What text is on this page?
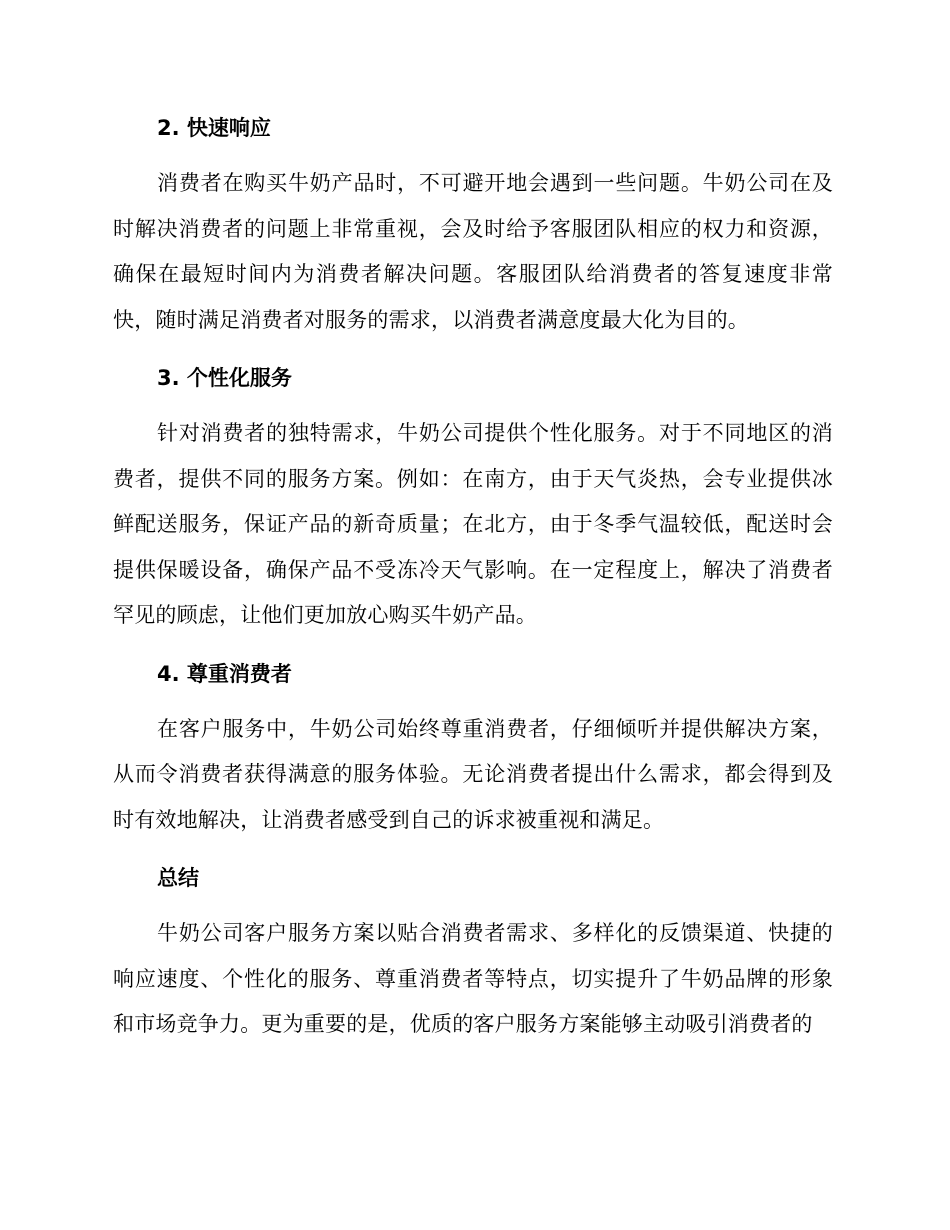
2. 快速响应

消费者在购买牛奶产品时，不可避开地会遇到一些问题。牛奶公司在及时解决消费者的问题上非常重视，会及时给予客服团队相应的权力和资源，确保在最短时间内为消费者解决问题。客服团队给消费者的答复速度非常快，随时满足消费者对服务的需求，以消费者满意度最大化为目的。

3. 个性化服务

针对消费者的独特需求，牛奶公司提供个性化服务。对于不同地区的消费者，提供不同的服务方案。例如：在南方，由于天气炎热，会专业提供冰鲜配送服务，保证产品的新奇质量；在北方，由于冬季气温较低，配送时会提供保暖设备，确保产品不受冻冷天气影响。在一定程度上，解决了消费者罕见的顾虑，让他们更加放心购买牛奶产品。

4. 尊重消费者

在客户服务中，牛奶公司始终尊重消费者，仔细倾听并提供解决方案，从而令消费者获得满意的服务体验。无论消费者提出什么需求，都会得到及时有效地解决，让消费者感受到自己的诉求被重视和满足。

总结

牛奶公司客户服务方案以贴合消费者需求、多样化的反馈渠道、快捷的响应速度、个性化的服务、尊重消费者等特点，切实提升了牛奶品牌的形象和市场竞争力。更为重要的是，优质的客户服务方案能够主动吸引消费者的
